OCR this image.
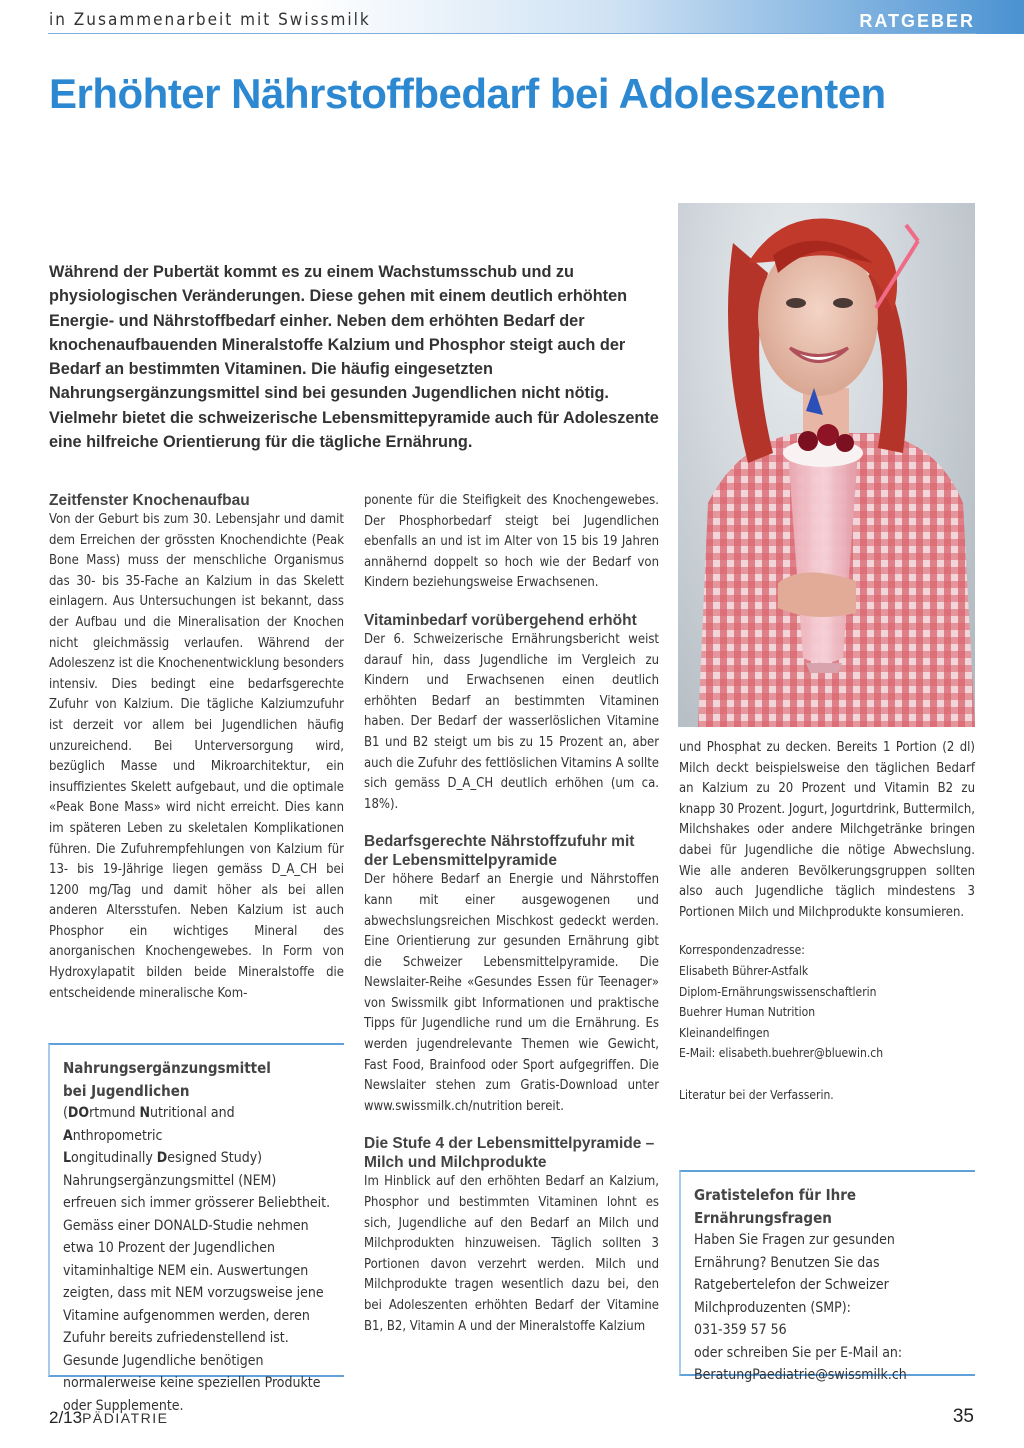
in Zusammenarbeit mit Swissmilk	RATGEBER
Erhöhter Nährstoffbedarf bei Adoleszenten

Während der Pubertät kommt es zu einem Wachstumsschub und zu physiologischen Veränderungen. Diese gehen mit einem deutlich erhöhten Energie- und Nährstoffbedarf einher. Neben dem erhöhten Bedarf der knochenaufbauenden Mineralstoffe Kalzium und Phosphor steigt auch der Bedarf an bestimmten Vitaminen. Die häufig eingesetzten Nahrungsergänzungsmittel sind bei gesunden Jugendlichen nicht nötig. Vielmehr bietet die schweizerische Lebensmittepyramide auch für Adoleszente eine hilfreiche Orientierung für die tägliche Ernährung.

Zeitfenster Knochenaufbau

Von der Geburt bis zum 30. Lebensjahr und damit dem Erreichen der grössten Knochendichte (Peak Bone Mass) muss der menschliche Organismus das 30- bis 35-Fache an Kalzium in das Skelett einlagern. Aus Untersuchungen ist bekannt, dass der Aufbau und die Mineralisation der Knochen nicht gleichmässig verlaufen. Während der Adoleszenz ist die Knochenentwicklung besonders intensiv. Dies bedingt eine bedarfsgerechte Zufuhr von Kalzium. Die tägliche Kalziumzufuhr ist derzeit vor allem bei Jugendlichen häufig unzureichend. Bei Unterversorgung wird, bezüglich Masse und Mikroarchitektur, ein insuffizientes Skelett aufgebaut, und die optimale «Peak Bone Mass» wird nicht erreicht. Dies kann im späteren Leben zu skeletalen Komplikationen führen. Die Zufuhrempfehlungen von Kalzium für 13- bis 19-Jährige liegen gemäss D_A_CH bei 1200 mg/Tag und damit höher als bei allen anderen Altersstufen. Neben Kalzium ist auch Phosphor ein wichtiges Mineral des anorganischen Knochengewebes. In Form von Hydroxylapatit bilden beide Mineralstoffe die entscheidende mineralische Kom-

ponente für die Steifigkeit des Knochengewebes. Der Phosphorbedarf steigt bei Jugendlichen ebenfalls an und ist im Alter von 15 bis 19 Jahren annähernd doppelt so hoch wie der Bedarf von Kindern beziehungsweise Erwachsenen.

Vitaminbedarf vorübergehend erhöht

Der 6. Schweizerische Ernährungsbericht weist darauf hin, dass Jugendliche im Vergleich zu Kindern und Erwachsenen einen deutlich erhöhten Bedarf an bestimmten Vitaminen haben. Der Bedarf der wasserlöslichen Vitamine B1 und B2 steigt um bis zu 15 Prozent an, aber auch die Zufuhr des fettlöslichen Vitamins A sollte sich gemäss D_A_CH deutlich erhöhen (um ca. 18%).

Bedarfsgerechte Nährstoffzufuhr mit der Lebensmittelpyramide

Der höhere Bedarf an Energie und Nährstoffen kann mit einer ausgewogenen und abwechslungsreichen Mischkost gedeckt werden. Eine Orientierung zur gesunden Ernährung gibt die Schweizer Lebensmittelpyramide. Die Newslaiter-Reihe «Gesundes Essen für Teenager» von Swissmilk gibt Informationen und praktische Tipps für Jugendliche rund um die Ernährung. Es werden jugendrelevante Themen wie Gewicht, Fast Food, Brainfood oder Sport aufgegriffen. Die Newslaiter stehen zum Gratis-Download unter www.swissmilk.ch/nutrition bereit.

Die Stufe 4 der Lebensmittelpyramide – Milch und Milchprodukte

Im Hinblick auf den erhöhten Bedarf an Kalzium, Phosphor und bestimmten Vitaminen lohnt es sich, Jugendliche auf den Bedarf an Milch und Milchprodukten hinzuweisen. Täglich sollten 3 Portionen davon verzehrt werden. Milch und Milchprodukte tragen wesentlich dazu bei, den bei Adoleszenten erhöhten Bedarf der Vitamine B1, B2, Vitamin A und der Mineralstoffe Kalzium

und Phosphat zu decken. Bereits 1 Portion (2 dl) Milch deckt beispielsweise den täglichen Bedarf an Kalzium zu 20 Prozent und Vitamin B2 zu knapp 30 Prozent. Jogurt, Jogurtdrink, Buttermilch, Milchshakes oder andere Milchgetränke bringen dabei für Jugendliche die nötige Abwechslung. Wie alle anderen Bevölkerungsgruppen sollten also auch Jugendliche täglich mindestens 3 Portionen Milch und Milchprodukte konsumieren.

Korrespondenzadresse:
Elisabeth Bührer-Astfalk
Diplom-Ernährungswissenschaftlerin
Buehrer Human Nutrition
Kleinandelfingen
E-Mail: elisabeth.buehrer@bluewin.ch
Literatur bei der Verfasserin.
Nahrungsergänzungsmittel
bei Jugendlichen

(DOrtmund Nutritional and Anthropometric
Longitudinally Designed Study)

Nahrungsergänzungsmittel (NEM) erfreuen sich immer grösserer Beliebtheit. Gemäss einer DONALD-Studie nehmen etwa 10 Prozent der Jugendlichen vitaminhaltige NEM ein. Auswertungen zeigten, dass mit NEM vorzugsweise jene Vitamine aufgenommen werden, deren Zufuhr bereits zufriedenstellend ist. Gesunde Jugendliche benötigen normalerweise keine speziellen Produkte oder Supplemente.

Gratistelefon für Ihre
Ernährungsfragen

Haben Sie Fragen zur gesunden Ernährung? Benutzen Sie das Ratgebertelefon der Schweizer Milchproduzenten (SMP):

031-359 57 56

oder schreiben Sie per E-Mail an:

BeratungPaediatrie@swissmilk.ch

2/13PÄDIATRIE	35
